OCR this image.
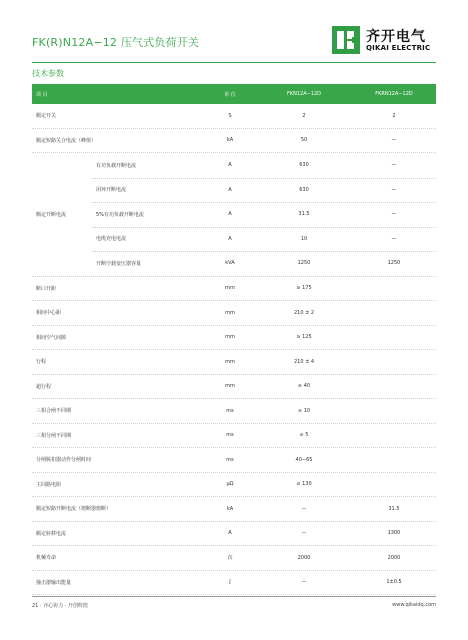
FK(R)N12A−12 压气式负荷开关	齐开电气
QIKAI ELECTRIC
技术参数
项 目	单 位	FKN12A−12D	FKRN12A−12D
额定开关	S	2	2
额定短路关合电流（峰值）	kA	50	—
额定开断电流
有功负载开断电流	A	630	—
闭环开断电流	A	630	—
5%有功负载开断电流	A	31.5	—
电缆充电电流	A	10	—
开断空载变压器容量	kVA	1250	1250
断口开距	mm	≥ 175
相间中心距	mm	210 ± 2
相间空气间隙	mm	≥ 125
行程	mm	210 ± 4
超行程	mm	≥ 40
三相合闸不同期	ms	≤ 10
三相分闸不同期	ms	≤ 5
分闸脱扣器动作分闸时间	ms	40−65
主回路电阻	μΩ	≤ 130
额定短路开断电流（熔断器熔断）	kA	—	31.5
额定转移电流	A	—	1300
机械寿命	次	2000	2000
撞击器输出能量	J	—	1±0.5
21 · 齐心协力 · 开创辉煌	www.qikaidq.com
